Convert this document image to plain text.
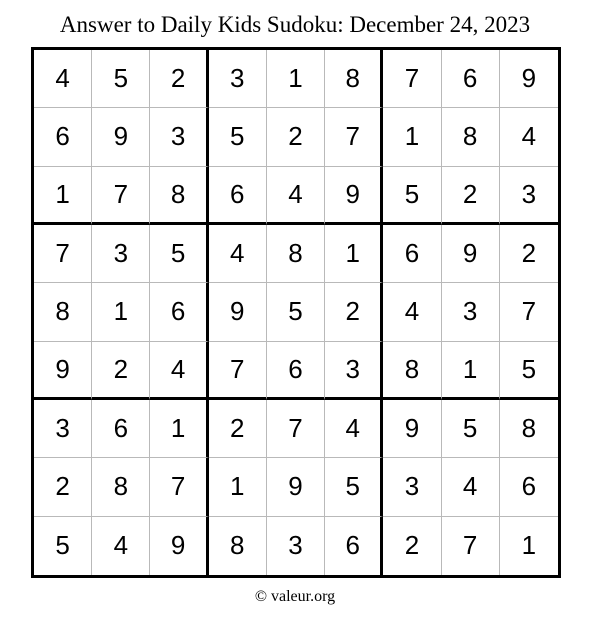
Answer to Daily Kids Sudoku: December 24, 2023
4	5	2	3	1	8	7	6	9
6	9	3	5	2	7	1	8	4
1	7	8	6	4	9	5	2	3
7	3	5	4	8	1	6	9	2
8	1	6	9	5	2	4	3	7
9	2	4	7	6	3	8	1	5
3	6	1	2	7	4	9	5	8
2	8	7	1	9	5	3	4	6
5	4	9	8	3	6	2	7	1
© valeur.org
